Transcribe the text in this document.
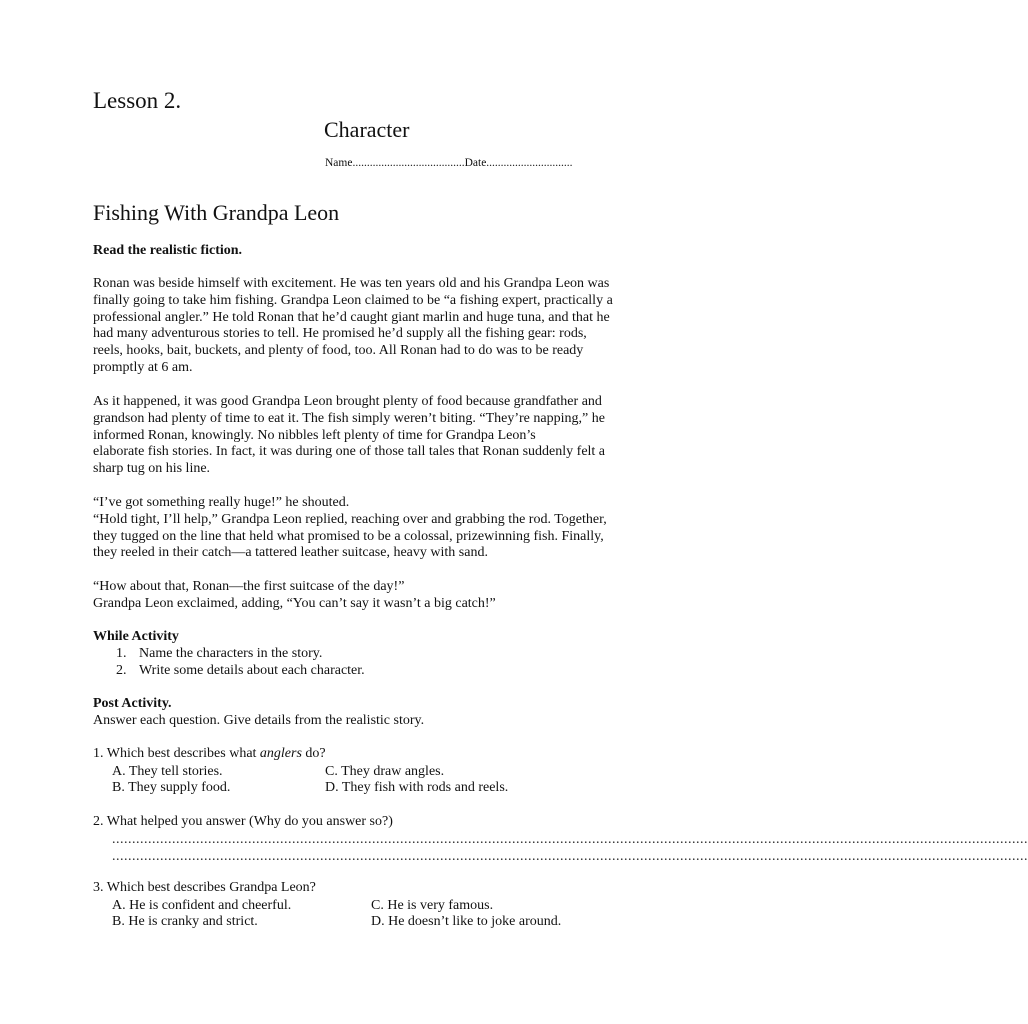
Lesson 2.
Character
Name.......................................Date..............................
Fishing With Grandpa Leon
Read the realistic fiction.
Ronan was beside himself with excitement. He was ten years old and his Grandpa Leon was
finally going to take him fishing. Grandpa Leon claimed to be “a fishing expert, practically a
professional angler.” He told Ronan that he’d caught giant marlin and huge tuna, and that he
had many adventurous stories to tell. He promised he’d supply all the fishing gear: rods,
reels, hooks, bait, buckets, and plenty of food, too. All Ronan had to do was to be ready
promptly at 6 am.
As it happened, it was good Grandpa Leon brought plenty of food because grandfather and
grandson had plenty of time to eat it. The fish simply weren’t biting. “They’re napping,” he
informed Ronan, knowingly. No nibbles left plenty of time for Grandpa Leon’s
elaborate fish stories. In fact, it was during one of those tall tales that Ronan suddenly felt a
sharp tug on his line.
“I’ve got something really huge!” he shouted.
“Hold tight, I’ll help,” Grandpa Leon replied, reaching over and grabbing the rod. Together,
they tugged on the line that held what promised to be a colossal, prizewinning fish. Finally,
they reeled in their catch—a tattered leather suitcase, heavy with sand.
“How about that, Ronan—the first suitcase of the day!”
Grandpa Leon exclaimed, adding, “You can’t say it wasn’t a big catch!”
While Activity
1. Name the characters in the story.
2. Write some details about each character.
Post Activity.
Answer each question. Give details from the realistic story.
1. Which best describes what anglers do?
A. They tell stories.	C. They draw angles.
B. They supply food.	D. They fish with rods and reels.
2. What helped you answer (Why do you answer so?)
.....................................................................................................................................................................................................................................
.....................................................................................................................................................................................................................................
3. Which best describes Grandpa Leon?
A. He is confident and cheerful.	C. He is very famous.
B. He is cranky and strict.	D. He doesn’t like to joke around.
